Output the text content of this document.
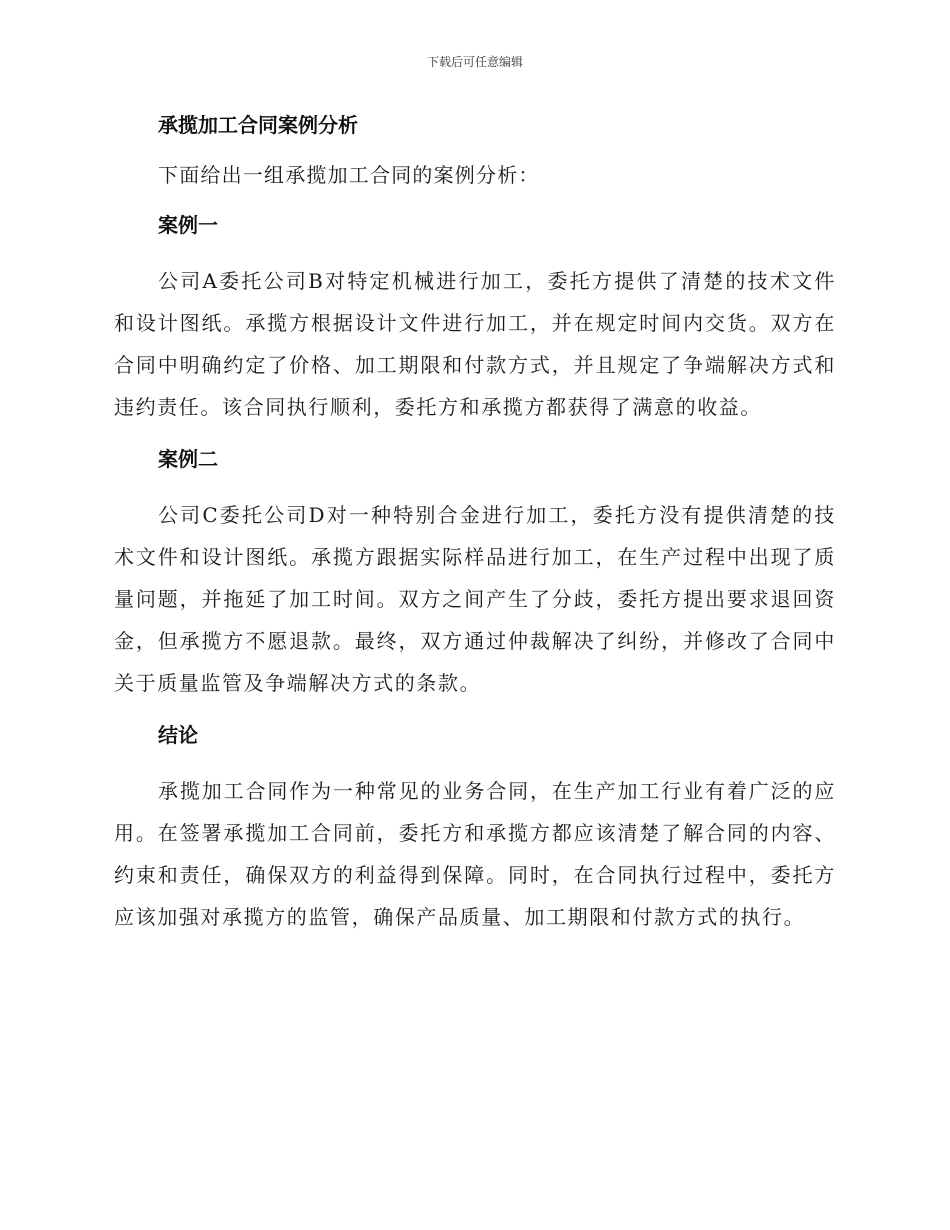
下载后可任意编辑
承揽加工合同案例分析
下面给出一组承揽加工合同的案例分析：
案例一

公司A委托公司B对特定机械进行加工，委托方提供了清楚的技术文件和设计图纸。承揽方根据设计文件进行加工，并在规定时间内交货。双方在合同中明确约定了价格、加工期限和付款方式，并且规定了争端解决方式和违约责任。该合同执行顺利，委托方和承揽方都获得了满意的收益。

案例二

公司C委托公司D对一种特别合金进行加工，委托方没有提供清楚的技术文件和设计图纸。承揽方跟据实际样品进行加工，在生产过程中出现了质量问题，并拖延了加工时间。双方之间产生了分歧，委托方提出要求退回资金，但承揽方不愿退款。最终，双方通过仲裁解决了纠纷，并修改了合同中关于质量监管及争端解决方式的条款。

结论

承揽加工合同作为一种常见的业务合同，在生产加工行业有着广泛的应用。在签署承揽加工合同前，委托方和承揽方都应该清楚了解合同的内容、约束和责任，确保双方的利益得到保障。同时，在合同执行过程中，委托方应该加强对承揽方的监管，确保产品质量、加工期限和付款方式的执行。
